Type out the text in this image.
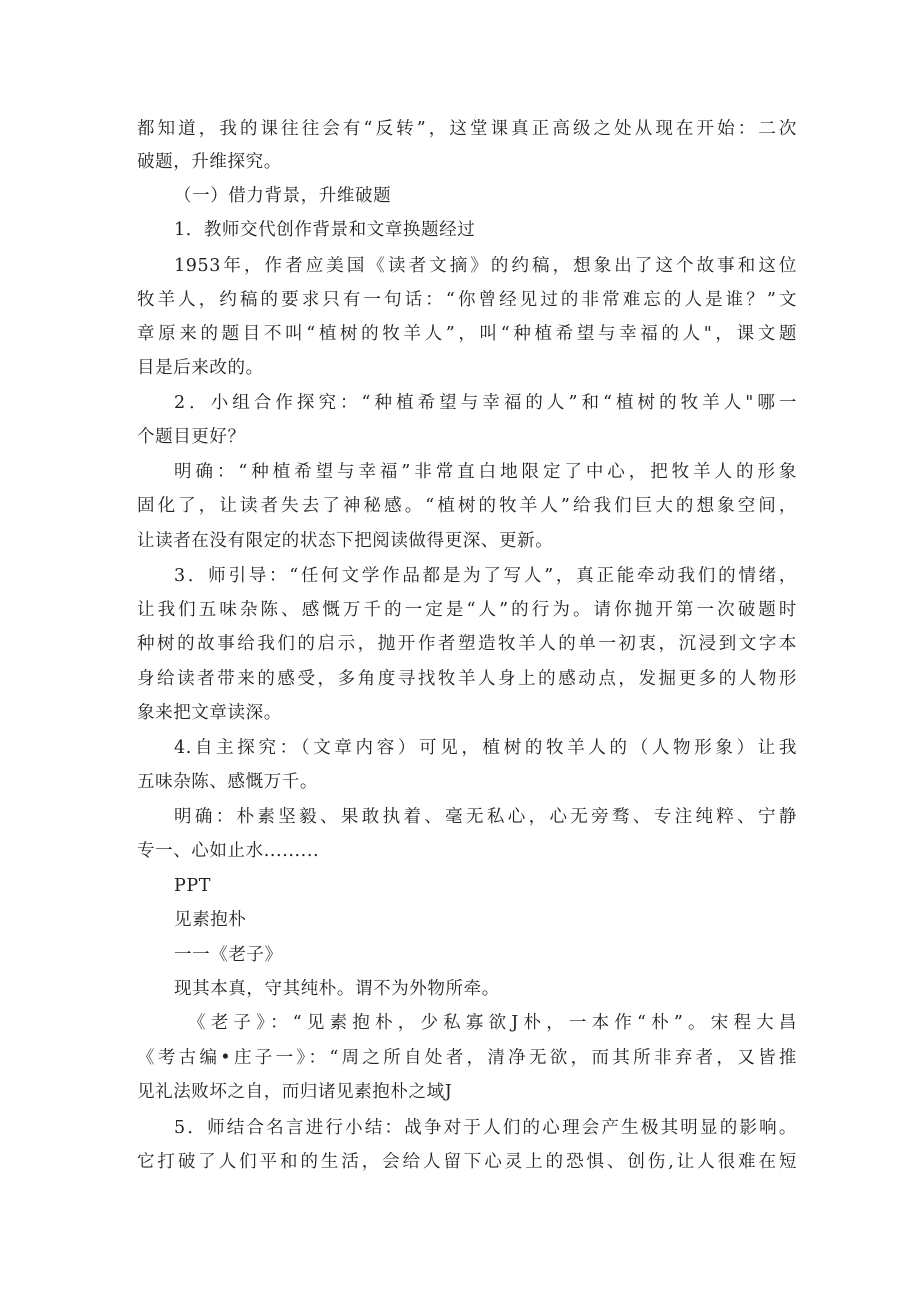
都知道，我的课往往会有“反转”，这堂课真正高级之处从现在开始：二次
破题，升维探究。
（一）借力背景，升维破题
1．教师交代创作背景和文章换题经过
1953年，作者应美国《读者文摘》的约稿，想象出了这个故事和这位
牧羊人，约稿的要求只有一句话：“你曾经见过的非常难忘的人是谁？”文
章原来的题目不叫“植树的牧羊人”，叫“种植希望与幸福的人"，课文题
目是后来改的。
2．小组合作探究：“种植希望与幸福的人”和“植树的牧羊人"哪一
个题目更好？
明确：“种植希望与幸福”非常直白地限定了中心，把牧羊人的形象
固化了，让读者失去了神秘感。“植树的牧羊人”给我们巨大的想象空间，
让读者在没有限定的状态下把阅读做得更深、更新。
3．师引导：“任何文学作品都是为了写人”，真正能牵动我们的情绪，
让我们五味杂陈、感慨万千的一定是“人”的行为。请你抛开第一次破题时
种树的故事给我们的启示，抛开作者塑造牧羊人的单一初衷，沉浸到文字本
身给读者带来的感受，多角度寻找牧羊人身上的感动点，发掘更多的人物形
象来把文章读深。
4.自主探究：（文章内容）可见，植树的牧羊人的（人物形象）让我
五味杂陈、感慨万千。
明确：朴素坚毅、果敢执着、毫无私心，心无旁骛、专注纯粹、宁静
专一、心如止水.........
PPT
见素抱朴
一一《老子》
现其本真，守其纯朴。谓不为外物所牵。
《老子》：“见素抱朴，少私寡欲J朴，一本作“朴”。宋程大昌
《考古编•庄子一》：“周之所自处者，清净无欲，而其所非弃者，又皆推
见礼法败坏之自，而归诸见素抱朴之域J
5．师结合名言进行小结：战争对于人们的心理会产生极其明显的影响。
它打破了人们平和的生活，会给人留下心灵上的恐惧、创伤,让人很难在短
